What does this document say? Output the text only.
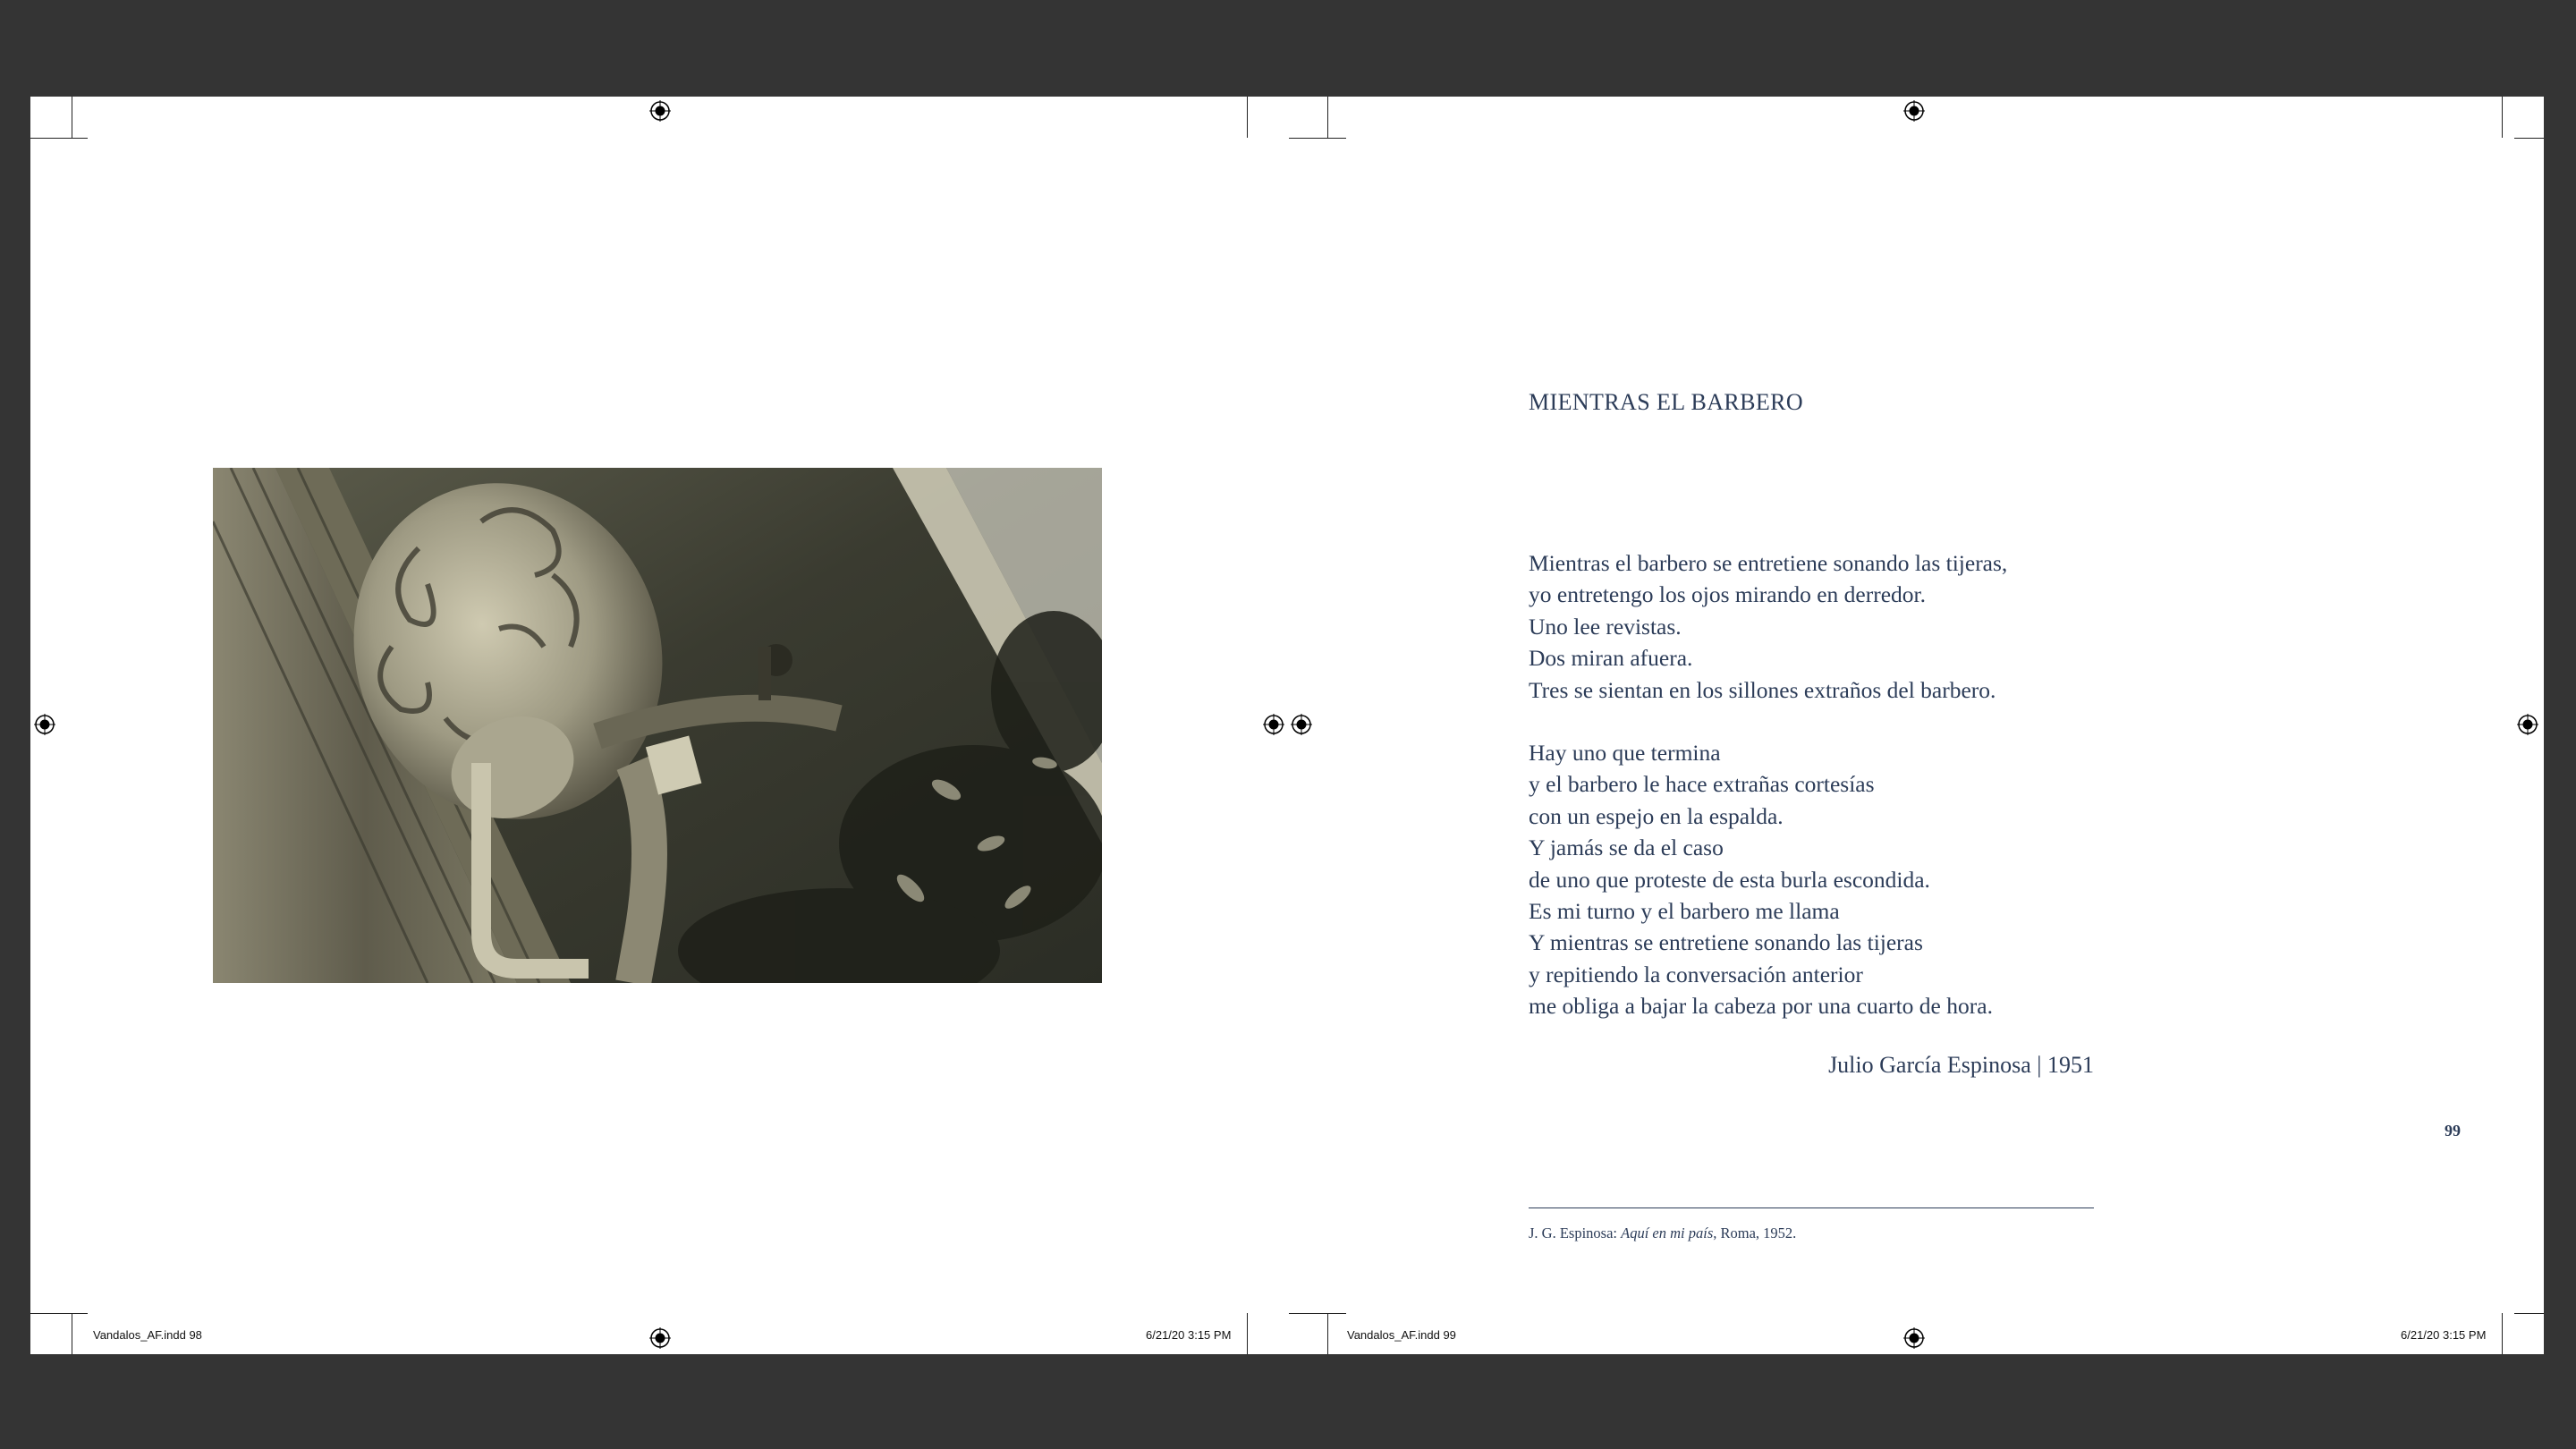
Vandalos_AF.indd 98	6/21/20 3:15 PM
MIENTRAS EL BARBERO
Mientras el barbero se entretiene sonando las tijeras,
yo entretengo los ojos mirando en derredor.
Uno lee revistas.
Dos miran afuera.
Tres se sientan en los sillones extraños del barbero.
Hay uno que termina
y el barbero le hace extrañas cortesías
con un espejo en la espalda.
Y jamás se da el caso
de uno que proteste de esta burla escondida.
Es mi turno y el barbero me llama
Y mientras se entretiene sonando las tijeras
y repitiendo la conversación anterior
me obliga a bajar la cabeza por una cuarto de hora.
Julio García Espinosa | 1951
99
J. G. Espinosa: Aquí en mi país, Roma, 1952.
Vandalos_AF.indd 99	6/21/20 3:15 PM
